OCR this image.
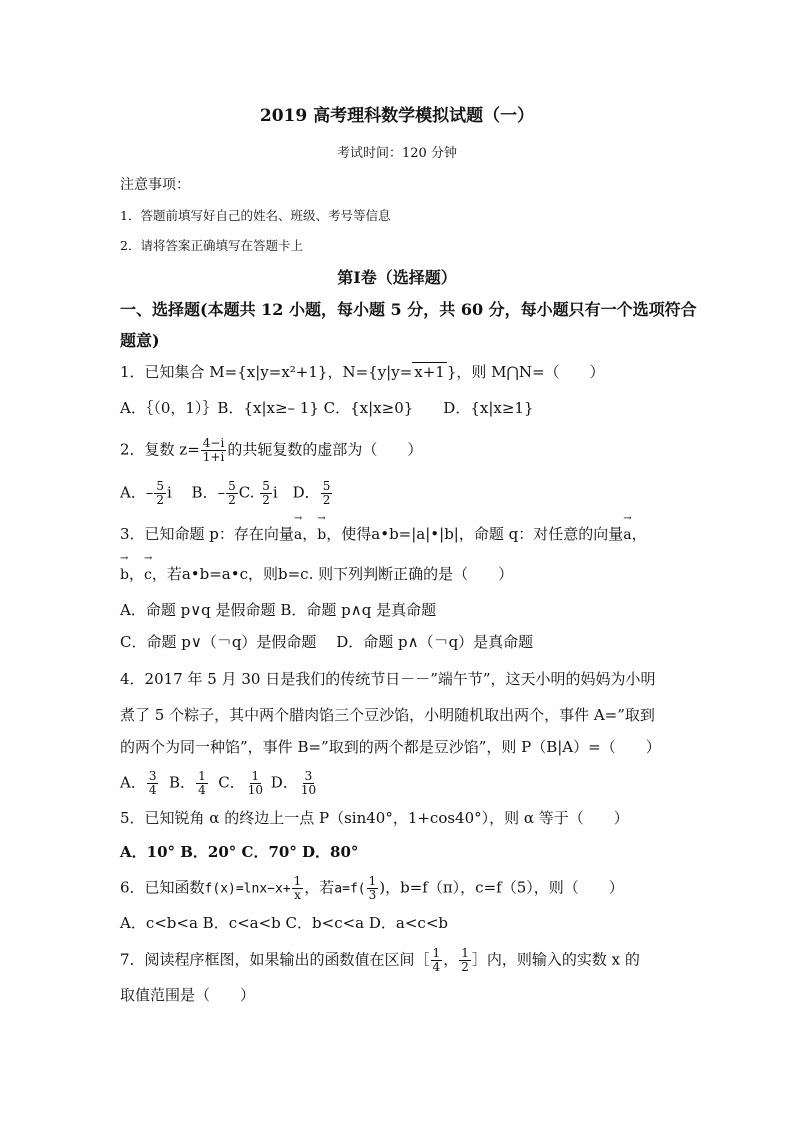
2019 高考理科数学模拟试题（一）
考试时间：120 分钟
注意事项：
1．答题前填写好自己的姓名、班级、考号等信息
2．请将答案正确填写在答题卡上
第Ⅰ卷（选择题）
一、选择题(本题共 12 小题，每小题 5 分，共 60 分，每小题只有一个选项符合
题意)
1．已知集合 M={x|y=x²+1}，N={y|y= x+1 }，则 M⋂N=（　　）
A．｛（0，1）｝B．{x|x≥– 1} C．{x|x≥0}　　D．{x|x≥1}
2．复数 $z= \frac{4-i}{1+i}$ 的共轭复数的虚部为（　　）
A．– $\frac{5}{2}$ i　 B．– $\frac{5}{2} C$. $\frac{5}{2}$ i　D． $\frac{5}{2}$
3．已知命题 p：存在向量→ a，→ b，使得a•b=|a|•|b|，命题 q：对任意的向量→ a，
→ b，→ c，若a•b=a•c，则b=c. 则下列判断正确的是（　　）
A．命题 p∨q 是假命题 B．命题 p∧q 是真命题
C．命题 p∨（￢q）是假命题　 D．命题 p∧（￢q）是真命题
4．2017 年 5 月 30 日是我们的传统节日－－”端午节”，这天小明的妈妈为小明
煮了 5 个粽子，其中两个腊肉馅三个豆沙馅，小明随机取出两个，事件 A=”取到
的两个为同一种馅”，事件 B=”取到的两个都是豆沙馅”，则 P（B|A）=（　　）
A． $\frac{3}{4}$ B． $\frac{1}{4}$ C． $\frac{1}{10}$ D． $\frac{3}{10}$
5．已知锐角 α 的终边上一点 P（sin40°，1+cos40°），则 α 等于（　　）
A．10° B．20° C．70° D．80°
6．已知函数$f(x)=\ln x-x+ \frac{1}{x}$ ，若$a=f( \frac{1}{3}$ )，b=f（π），c=f（5），则（　　）
A．c<b<a B．c<a<b C．b<c<a D．a<c<b
7．阅读程序框图，如果输出的函数值在区间［ $\frac{1}{4}$ ， $\frac{1}{2}$ ］内，则输入的实数 x 的
取值范围是（　　）
